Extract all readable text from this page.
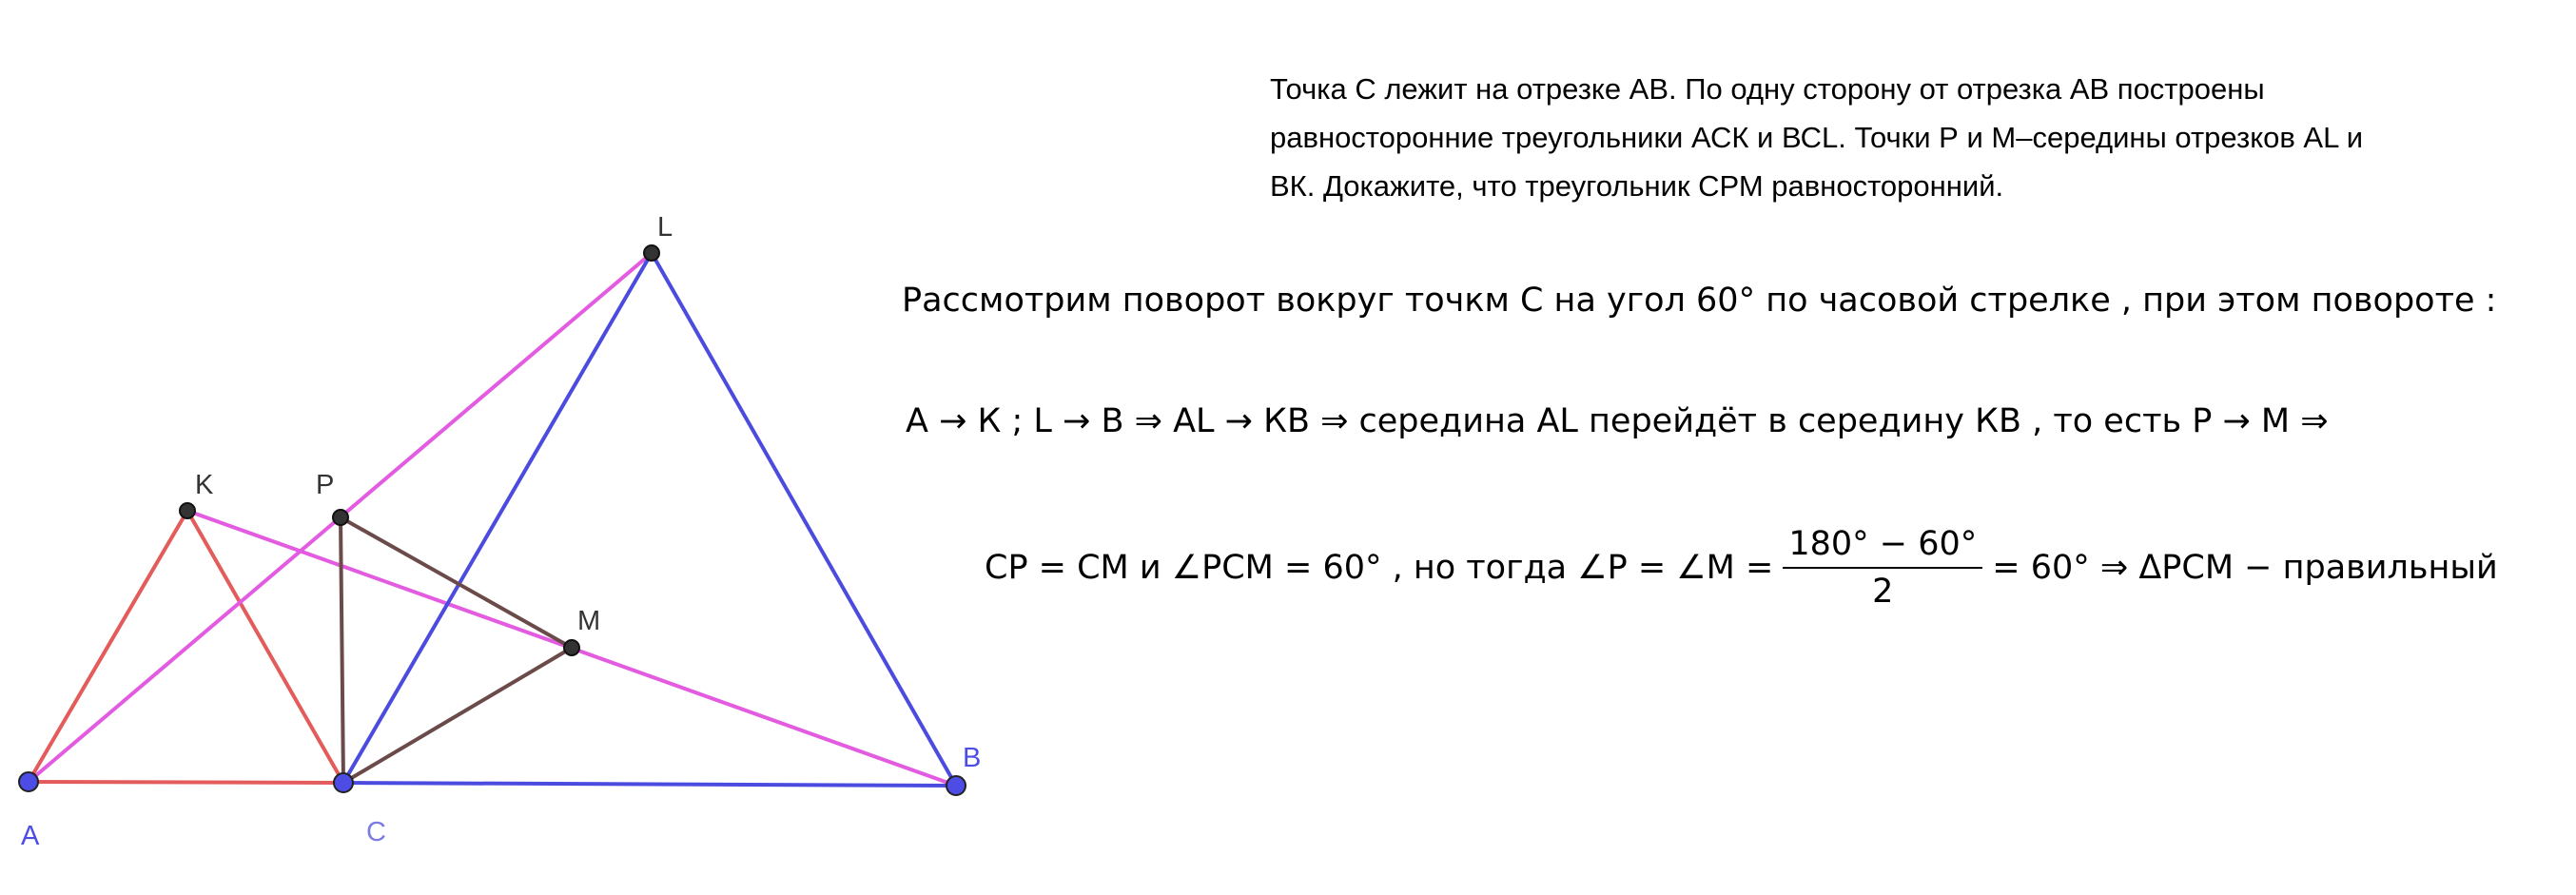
A	C
B
K
L
P
M
Точка С лежит на отрезке АВ. По одну сторону от отрезка АВ построены
равносторонние треугольники АСК и ВСL. Точки Р и М–середины отрезков АL и
ВК. Докажите, что треугольник СРМ равносторонний.
Рассмотрим поворот вокруг точкм С на угол 60° по часовой стрелке , при этом повороте :
А → К ; L → В ⇒ АL → КВ ⇒ середина АL перейдёт в середину КВ , то есть Р → М ⇒
СР = СМ и ∠РСМ = 60° , но тогда ∠Р = ∠М = $\frac{180^\circ - 60^\circ}{2} = 60^\circ$ ⇒ ΔРСМ − правильный
